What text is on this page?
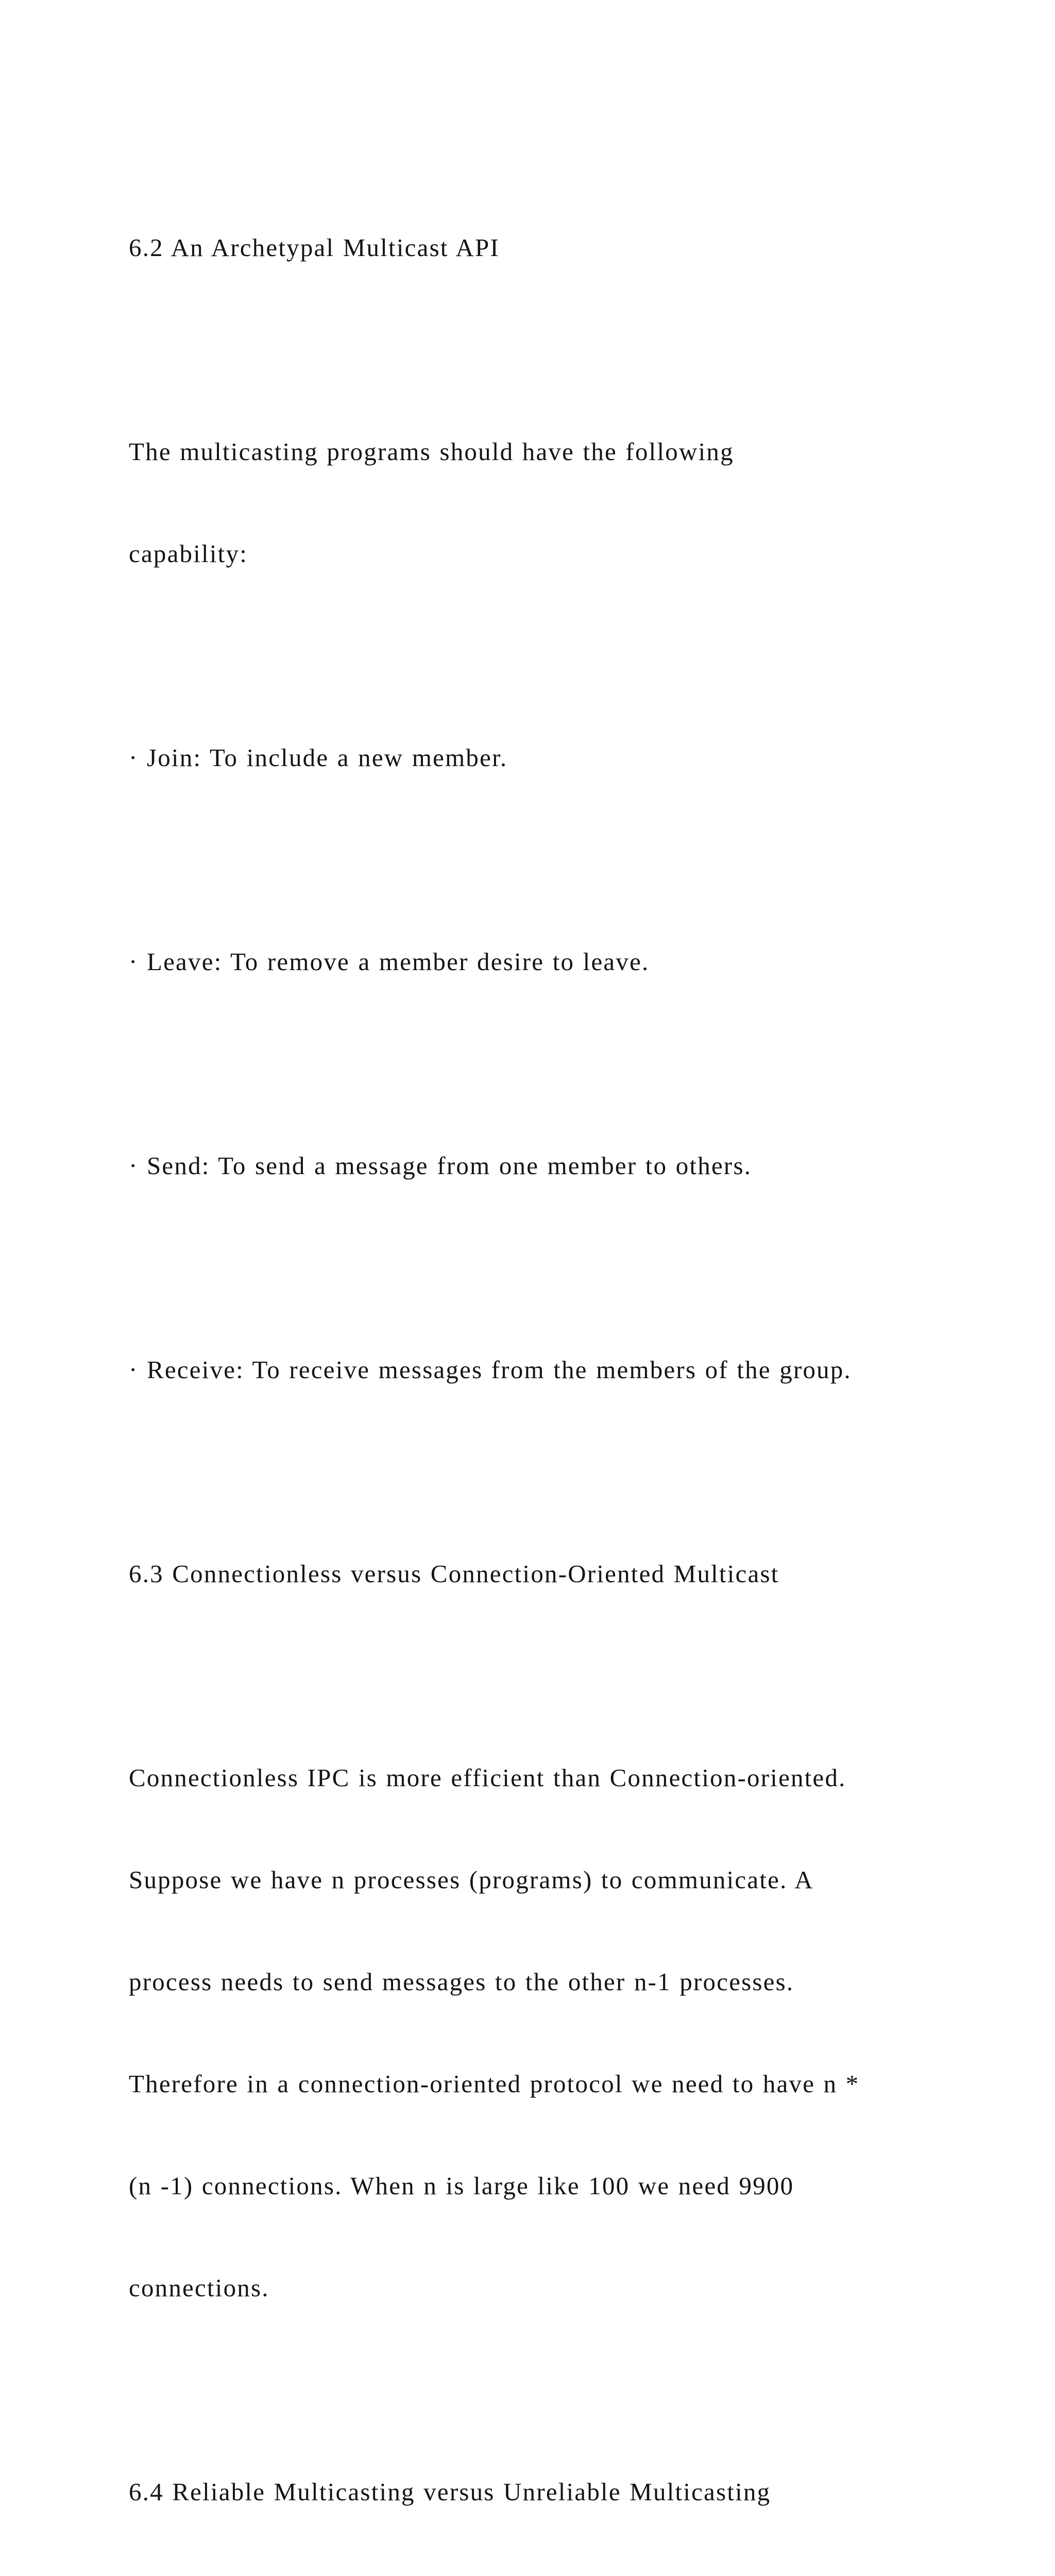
6.2 An Archetypal Multicast API

The multicasting programs should have the following

capability:

· Join: To include a new member.

· Leave: To remove a member desire to leave.

· Send: To send a message from one member to others.

· Receive: To receive messages from the members of the group.

6.3 Connectionless versus Connection-Oriented Multicast

Connectionless IPC is more efficient than Connection-oriented.

Suppose we have n processes (programs) to communicate. A

process needs to send messages to the other n-1 processes.

Therefore in a connection-oriented protocol we need to have n *

(n -1) connections. When n is large like 100 we need 9900

connections.

6.4 Reliable Multicasting versus Unreliable Multicasting
